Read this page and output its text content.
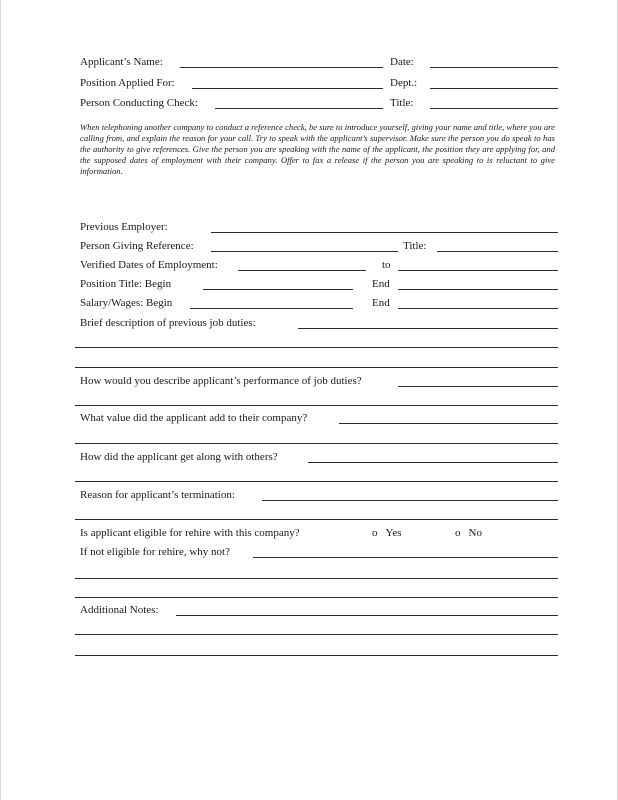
Applicant’s Name:	Date:
Position Applied For:	Dept.:
Person Conducting Check:	Title:
When telephoning another company to conduct a reference check, be sure to introduce yourself, giving your name and title, where you are calling from, and explain the reason for your call. Try to speak with the applicant’s supervisor. Make sure the person you do speak to has the authority to give references. Give the person you are speaking with the name of the applicant, the position they are applying for, and the supposed dates of employment with their company. Offer to fax a release if the person you are speaking to is reluctant to give information.
Previous Employer:
Person Giving Reference:	Title:
Verified Dates of Employment:	to
Position Title: Begin	End
Salary/Wages: Begin	End
Brief description of previous job duties:
How would you describe applicant’s performance of job duties?
What value did the applicant add to their company?
How did the applicant get along with others?
Reason for applicant’s termination:
Is applicant eligible for rehire with this company?	o Yes	o No
If not eligible for rehire, why not?
Additional Notes:
